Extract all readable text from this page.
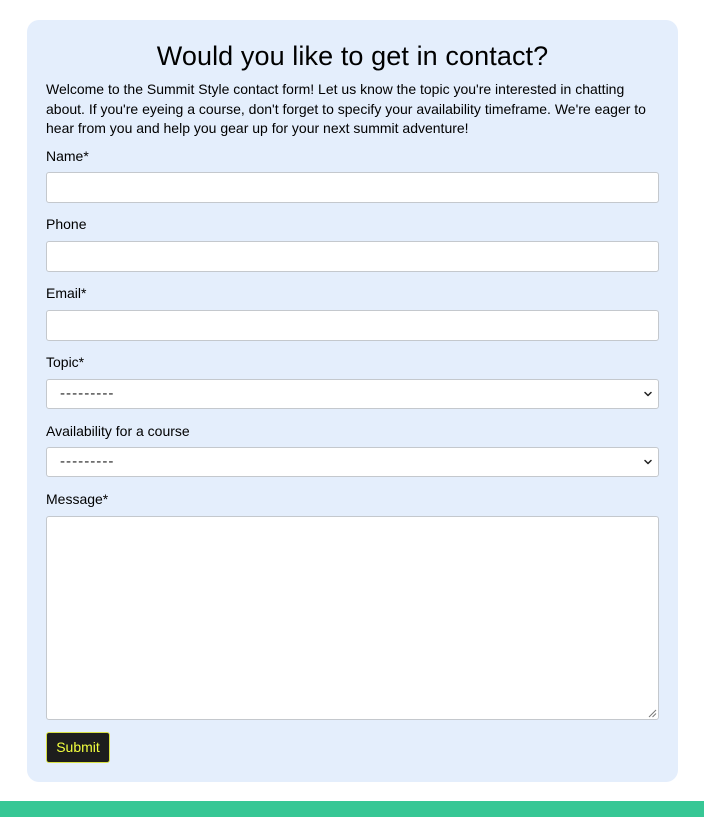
Would you like to get in contact?

Welcome to the Summit Style contact form! Let us know the topic you're interested in chatting about. If you're eyeing a course, don't forget to specify your availability timeframe. We're eager to hear from you and help you gear up for your next summit adventure!

Name*
Phone
Email*
Topic*
---------
Availability for a course
---------
Message*
Submit
